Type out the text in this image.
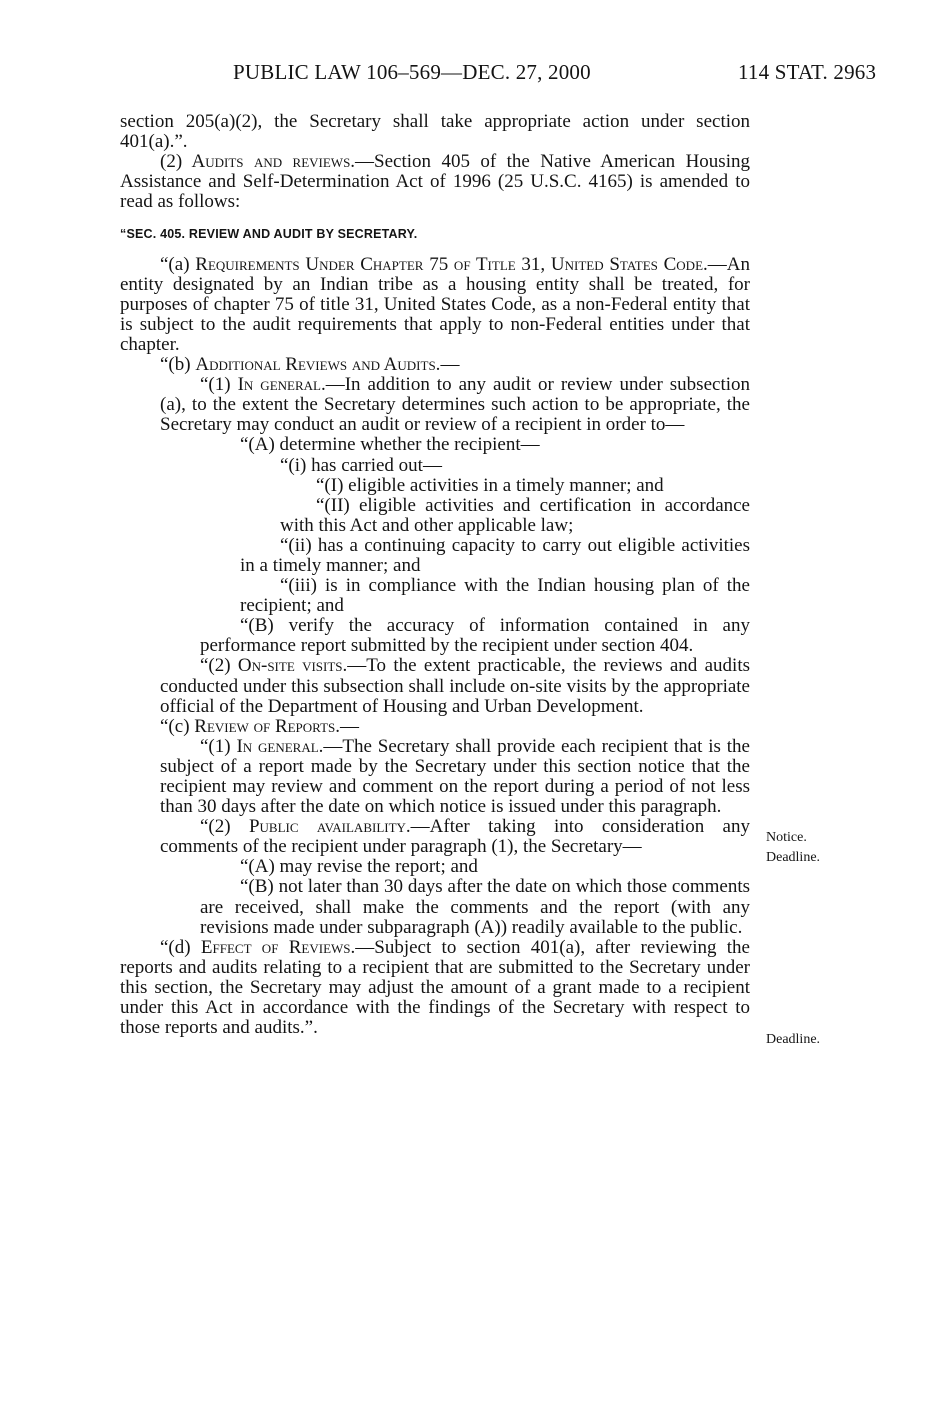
PUBLIC LAW 106–569—DEC. 27, 2000	114 STAT. 2963

section 205(a)(2), the Secretary shall take appropriate action under section 401(a).”.

(2) Audits and reviews.—Section 405 of the Native American Housing Assistance and Self-Determination Act of 1996 (25 U.S.C. 4165) is amended to read as follows:

“SEC. 405. REVIEW AND AUDIT BY SECRETARY.

“(a) Requirements Under Chapter 75 of Title 31, United States Code.—An entity designated by an Indian tribe as a housing entity shall be treated, for purposes of chapter 75 of title 31, United States Code, as a non-Federal entity that is subject to the audit requirements that apply to non-Federal entities under that chapter.

“(b) Additional Reviews and Audits.—

“(1) In general.—In addition to any audit or review under subsection (a), to the extent the Secretary determines such action to be appropriate, the Secretary may conduct an audit or review of a recipient in order to—

“(A) determine whether the recipient—

“(i) has carried out—

“(I) eligible activities in a timely manner; and

“(II) eligible activities and certification in accordance with this Act and other applicable law;

“(ii) has a continuing capacity to carry out eligible activities in a timely manner; and

“(iii) is in compliance with the Indian housing plan of the recipient; and

“(B) verify the accuracy of information contained in any performance report submitted by the recipient under section 404.

“(2) On-site visits.—To the extent practicable, the reviews and audits conducted under this subsection shall include on-site visits by the appropriate official of the Department of Housing and Urban Development.

“(c) Review of Reports.—

“(1) In general.—The Secretary shall provide each recipient that is the subject of a report made by the Secretary under this section notice that the recipient may review and comment on the report during a period of not less than 30 days after the date on which notice is issued under this paragraph.

“(2) Public availability.—After taking into consideration any comments of the recipient under paragraph (1), the Secretary—

“(A) may revise the report; and

“(B) not later than 30 days after the date on which those comments are received, shall make the comments and the report (with any revisions made under subparagraph (A)) readily available to the public.

“(d) Effect of Reviews.—Subject to section 401(a), after reviewing the reports and audits relating to a recipient that are submitted to the Secretary under this section, the Secretary may adjust the amount of a grant made to a recipient under this Act in accordance with the findings of the Secretary with respect to those reports and audits.”.

Notice.
Deadline.
Deadline.
